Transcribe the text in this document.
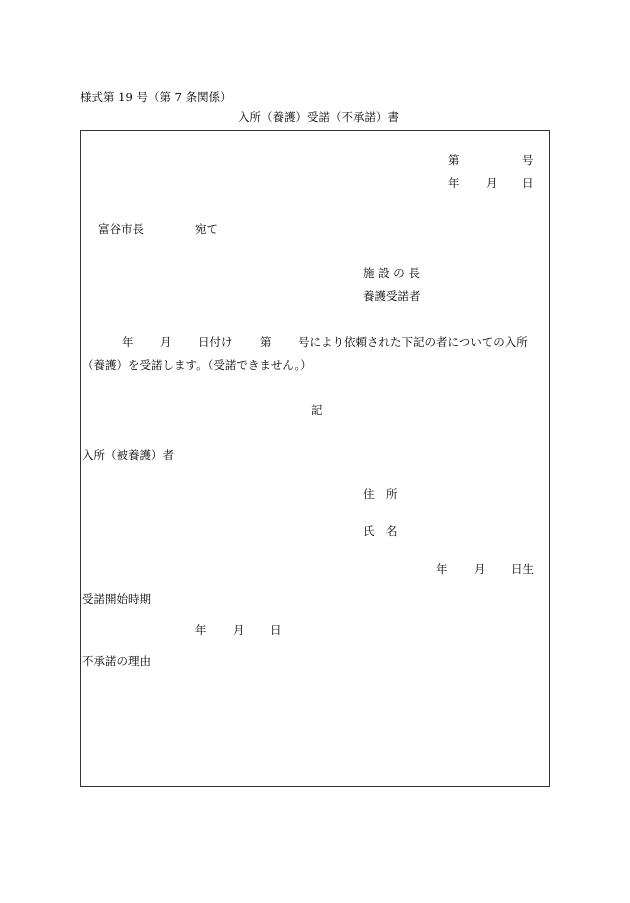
様式第 19 号（第 7 条関係）
入所（養護）受諾（不承諾）書
第	号
年 月 日
富谷市長	宛て
施 設 の 長
養護受諾者
年 月 日付け 第 号により依頼された下記の者についての入所
（養護）を受諾します。（受諾できません。）
記
入所（被養護）者
住　所
氏　名
年 月 日生
受諾開始時期
年 月 日
不承諾の理由
